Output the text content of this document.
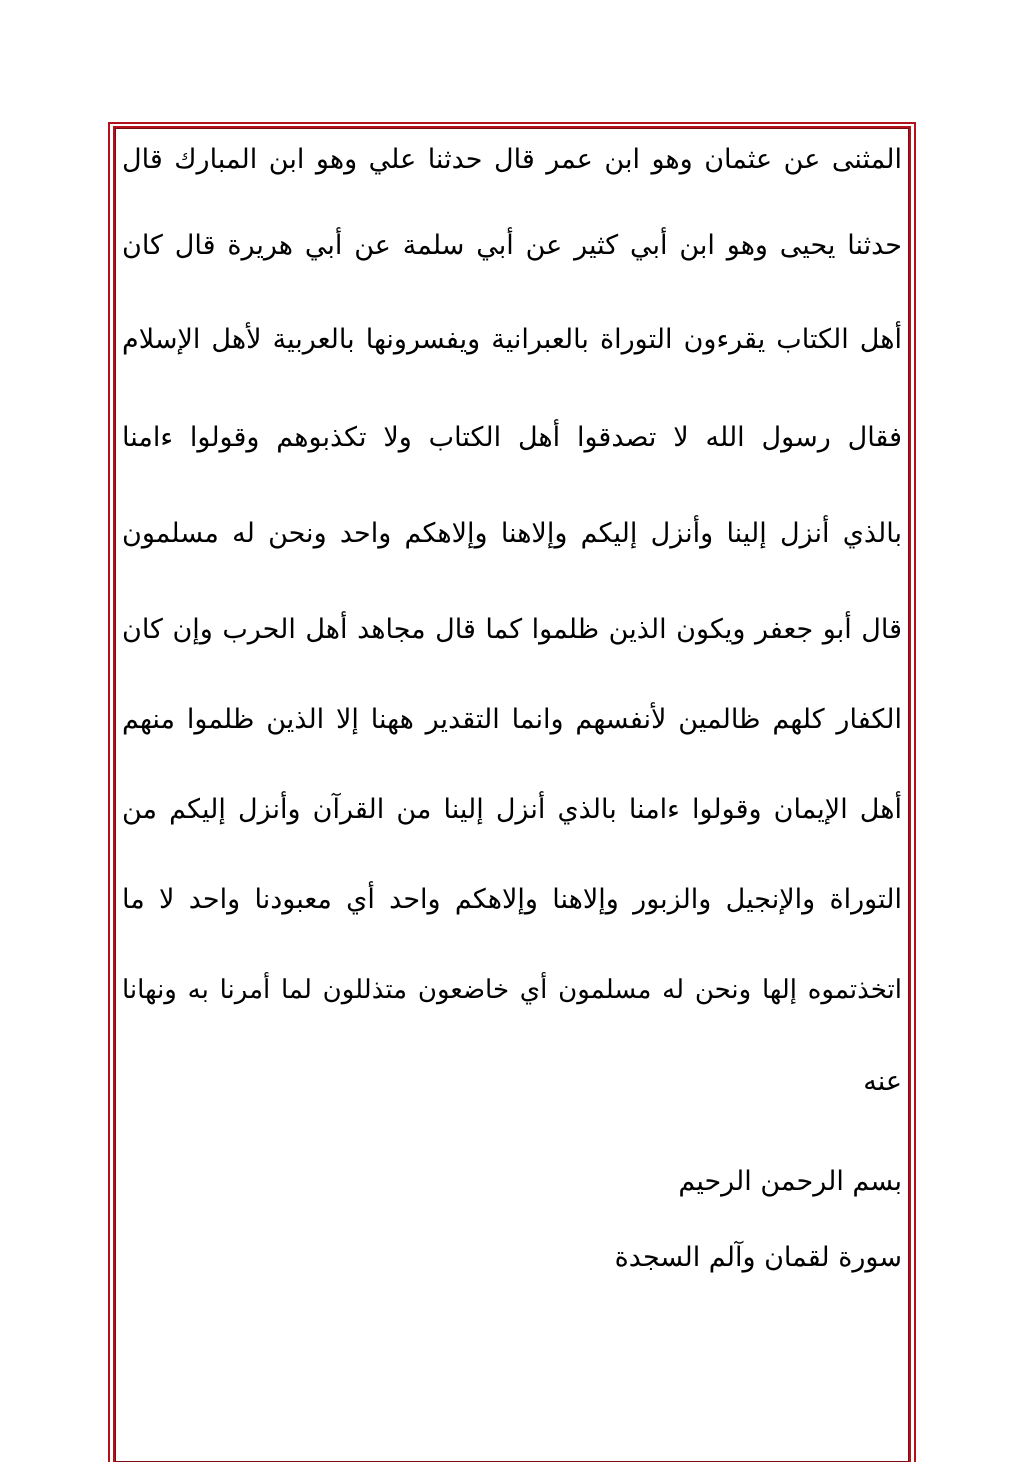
المثنى عن عثمان وهو ابن عمر قال حدثنا علي وهو ابن المبارك قال
حدثنا يحيى وهو ابن أبي كثير عن أبي سلمة عن أبي هريرة قال كان
أهل الكتاب يقرءون التوراة بالعبرانية ويفسرونها بالعربية لأهل الإسلام
فقال رسول الله لا تصدقوا أهل الكتاب ولا تكذبوهم وقولوا ءامنا
بالذي أنزل إلينا وأنزل إليكم وإلاهنا وإلاهكم واحد ونحن له مسلمون
قال أبو جعفر ويكون الذين ظلموا كما قال مجاهد أهل الحرب وإن كان
الكفار كلهم ظالمين لأنفسهم وانما التقدير ههنا إلا الذين ظلموا منهم
أهل الإيمان وقولوا ءامنا بالذي أنزل إلينا من القرآن وأنزل إليكم من
التوراة والإنجيل والزبور وإلاهنا وإلاهكم واحد أي معبودنا واحد لا ما
اتخذتموه إلها ونحن له مسلمون أي خاضعون متذللون لما أمرنا به ونهانا
عنه
بسم الرحمن الرحيم
سورة لقمان وآلم السجدة
